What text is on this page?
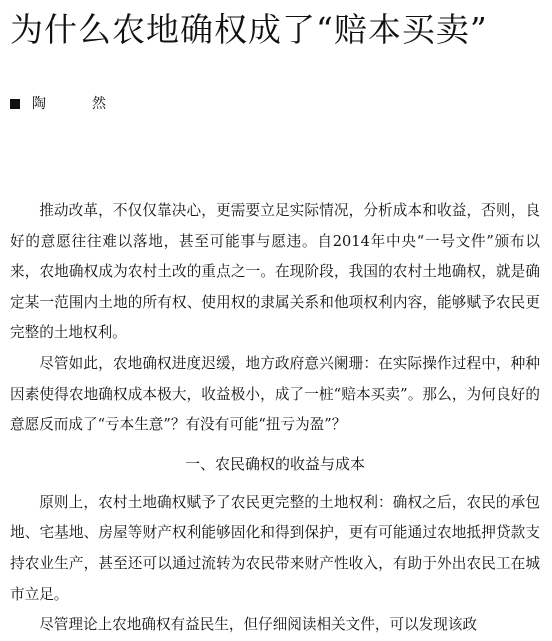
为什么农地确权成了“赔本买卖”
陶　然

推动改革，不仅仅靠决心，更需要立足实际情况，分析成本和收益，否则，良好的意愿往往难以落地，甚至可能事与愿违。自2014年中央“一号文件”颁布以来，农地确权成为农村土改的重点之一。在现阶段，我国的农村土地确权，就是确定某一范围内土地的所有权、使用权的隶属关系和他项权利内容，能够赋予农民更完整的土地权利。

尽管如此，农地确权进度迟缓，地方政府意兴阑珊：在实际操作过程中，种种因素使得农地确权成本极大，收益极小，成了一桩“赔本买卖”。那么，为何良好的意愿反而成了“亏本生意”？有没有可能“扭亏为盈”？

一、农民确权的收益与成本

原则上，农村土地确权赋予了农民更完整的土地权利：确权之后，农民的承包地、宅基地、房屋等财产权利能够固化和得到保护，更有可能通过农地抵押贷款支持农业生产，甚至还可以通过流转为农民带来财产性收入，有助于外出农民工在城市立足。

尽管理论上农地确权有益民生，但仔细阅读相关文件，可以发现该政
